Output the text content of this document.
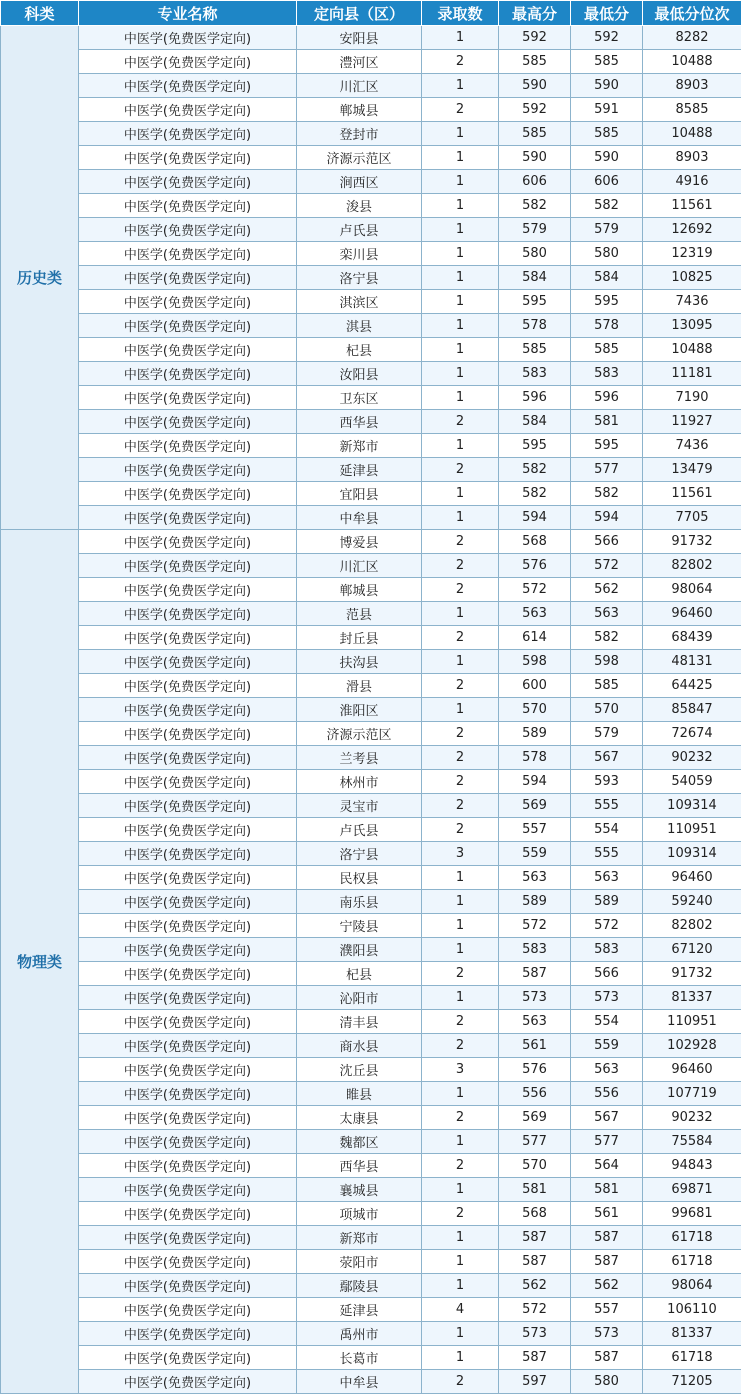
科类	专业名称	定向县（区）	录取数	最高分	最低分	最低分位次
历史类	中医学(免费医学定向)	安阳县	1	592	592	8282
	中医学(免费医学定向)	澧河区	2	585	585	10488
	中医学(免费医学定向)	川汇区	1	590	590	8903
	中医学(免费医学定向)	郸城县	2	592	591	8585
	中医学(免费医学定向)	登封市	1	585	585	10488
	中医学(免费医学定向)	济源示范区	1	590	590	8903
	中医学(免费医学定向)	涧西区	1	606	606	4916
	中医学(免费医学定向)	浚县	1	582	582	11561
	中医学(免费医学定向)	卢氏县	1	579	579	12692
	中医学(免费医学定向)	栾川县	1	580	580	12319
	中医学(免费医学定向)	洛宁县	1	584	584	10825
	中医学(免费医学定向)	淇滨区	1	595	595	7436
	中医学(免费医学定向)	淇县	1	578	578	13095
	中医学(免费医学定向)	杞县	1	585	585	10488
	中医学(免费医学定向)	汝阳县	1	583	583	11181
	中医学(免费医学定向)	卫东区	1	596	596	7190
	中医学(免费医学定向)	西华县	2	584	581	11927
	中医学(免费医学定向)	新郑市	1	595	595	7436
	中医学(免费医学定向)	延津县	2	582	577	13479
	中医学(免费医学定向)	宜阳县	1	582	582	11561
	中医学(免费医学定向)	中牟县	1	594	594	7705
物理类	中医学(免费医学定向)	博爱县	2	568	566	91732
	中医学(免费医学定向)	川汇区	2	576	572	82802
	中医学(免费医学定向)	郸城县	2	572	562	98064
	中医学(免费医学定向)	范县	1	563	563	96460
	中医学(免费医学定向)	封丘县	2	614	582	68439
	中医学(免费医学定向)	扶沟县	1	598	598	48131
	中医学(免费医学定向)	滑县	2	600	585	64425
	中医学(免费医学定向)	淮阳区	1	570	570	85847
	中医学(免费医学定向)	济源示范区	2	589	579	72674
	中医学(免费医学定向)	兰考县	2	578	567	90232
	中医学(免费医学定向)	林州市	2	594	593	54059
	中医学(免费医学定向)	灵宝市	2	569	555	109314
	中医学(免费医学定向)	卢氏县	2	557	554	110951
	中医学(免费医学定向)	洛宁县	3	559	555	109314
	中医学(免费医学定向)	民权县	1	563	563	96460
	中医学(免费医学定向)	南乐县	1	589	589	59240
	中医学(免费医学定向)	宁陵县	1	572	572	82802
	中医学(免费医学定向)	濮阳县	1	583	583	67120
	中医学(免费医学定向)	杞县	2	587	566	91732
	中医学(免费医学定向)	沁阳市	1	573	573	81337
	中医学(免费医学定向)	清丰县	2	563	554	110951
	中医学(免费医学定向)	商水县	2	561	559	102928
	中医学(免费医学定向)	沈丘县	3	576	563	96460
	中医学(免费医学定向)	睢县	1	556	556	107719
	中医学(免费医学定向)	太康县	2	569	567	90232
	中医学(免费医学定向)	魏都区	1	577	577	75584
	中医学(免费医学定向)	西华县	2	570	564	94843
	中医学(免费医学定向)	襄城县	1	581	581	69871
	中医学(免费医学定向)	项城市	2	568	561	99681
	中医学(免费医学定向)	新郑市	1	587	587	61718
	中医学(免费医学定向)	荥阳市	1	587	587	61718
	中医学(免费医学定向)	鄢陵县	1	562	562	98064
	中医学(免费医学定向)	延津县	4	572	557	106110
	中医学(免费医学定向)	禹州市	1	573	573	81337
	中医学(免费医学定向)	长葛市	1	587	587	61718
	中医学(免费医学定向)	中牟县	2	597	580	71205
